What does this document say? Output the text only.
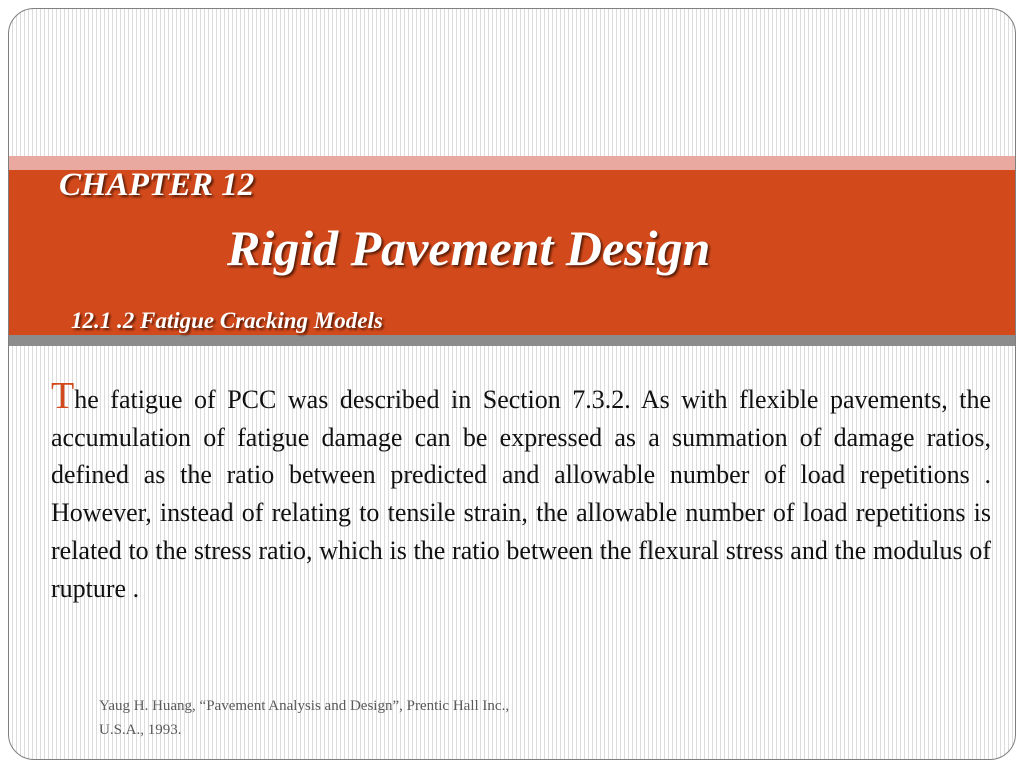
CHAPTER 12
Rigid Pavement Design
12.1 .2 Fatigue Cracking Models

The fatigue of PCC was described in Section 7.3.2. As with flexible pavements, the accumulation of fatigue damage can be expressed as a summation of damage ratios, defined as the ratio between predicted and allowable number of load repetitions . However, instead of relating to tensile strain, the allowable number of load repetitions is related to the stress ratio, which is the ratio between the flexural stress and the modulus of rupture .

Yaug H. Huang, “Pavement Analysis and Design”, Prentic Hall Inc.,
U.S.A., 1993.
